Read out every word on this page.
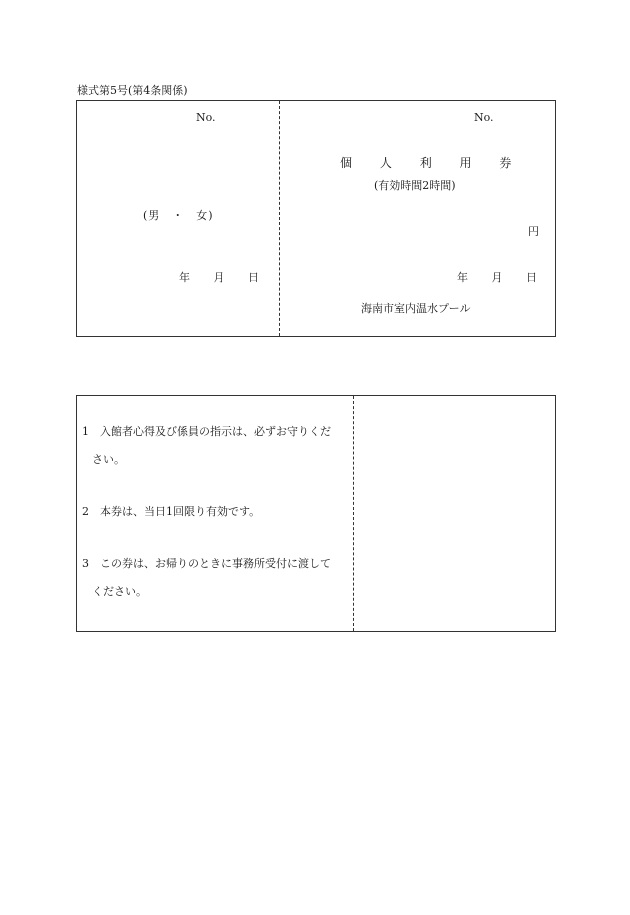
様式第5号(第4条関係)
No.
(男　・　女)
年 月 日
No.
個 人 利 用 券
(有効時間2時間)
円
年 月 日
海南市室内温水プール
1 入館者心得及び係員の指示は、必ずお守りくだ
さい。
2 本券は、当日1回限り有効です。
3 この券は、お帰りのときに事務所受付に渡して
ください。
